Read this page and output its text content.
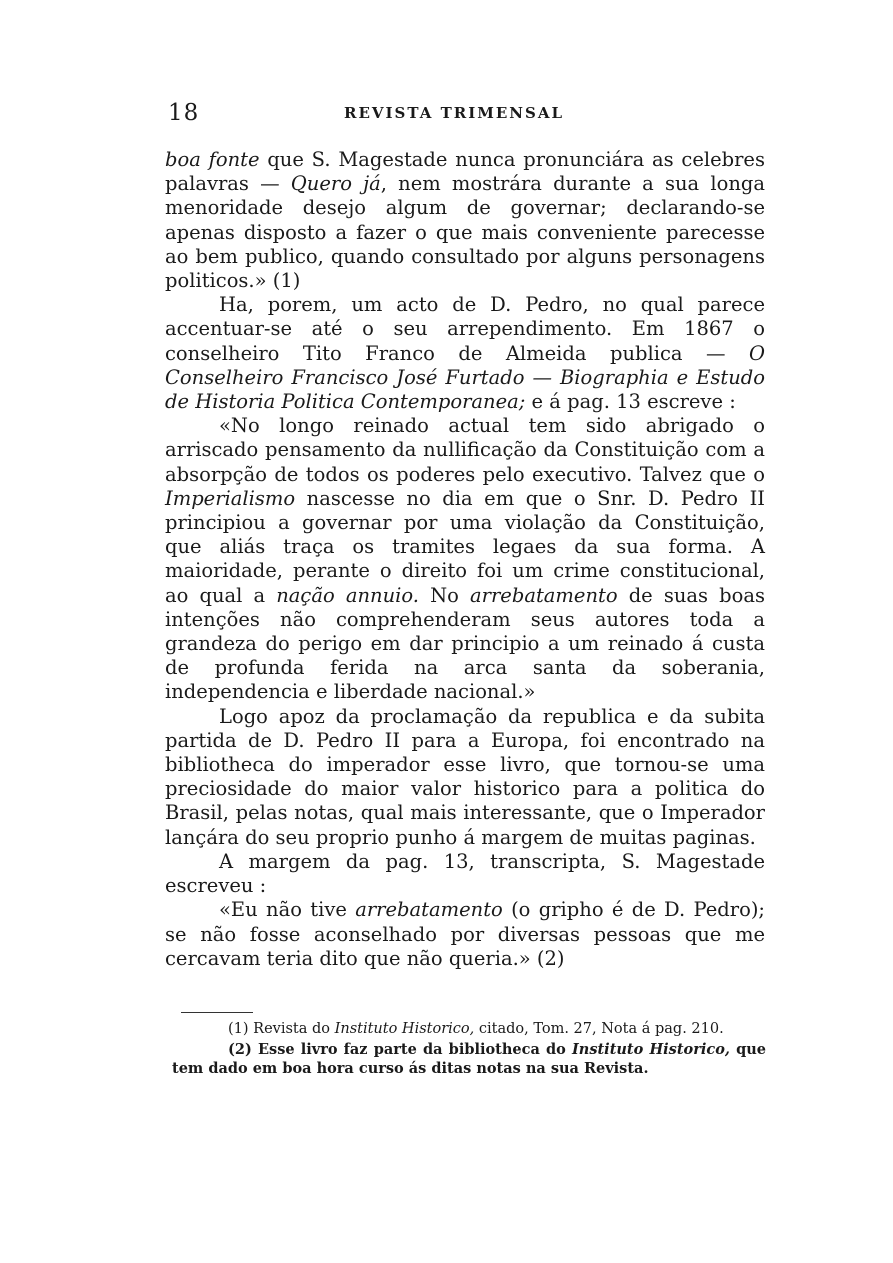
18	REVISTA TRIMENSAL

boa fonte que S. Magestade nunca pronunciára as celebres palavras — Quero já, nem mostrára durante a sua longa menoridade desejo algum de governar; declarando-se apenas disposto a fazer o que mais conveniente parecesse ao bem publico, quando consultado por alguns personagens politicos.» (1)

Ha, porem, um acto de D. Pedro, no qual parece accentuar-se até o seu arrependimento. Em 1867 o conselheiro Tito Franco de Almeida publica — O Conselheiro Francisco José Furtado — Biographia e Estudo de Historia Politica Contemporanea; e á pag. 13 escreve :

«No longo reinado actual tem sido abrigado o arriscado pensamento da nullificação da Constituição com a absorpção de todos os poderes pelo executivo. Talvez que o Imperialismo nascesse no dia em que o Snr. D. Pedro II principiou a governar por uma violação da Constituição, que aliás traça os tramites legaes da sua forma. A maioridade, perante o direito foi um crime constitucional, ao qual a nação annuio. No arrebatamento de suas boas intenções não comprehenderam seus autores toda a grandeza do perigo em dar principio a um reinado á custa de profunda ferida na arca santa da soberania, independencia e liberdade nacional.»

Logo apoz da proclamação da republica e da subita partida de D. Pedro II para a Europa, foi encontrado na bibliotheca do imperador esse livro, que tornou-se uma preciosidade do maior valor historico para a politica do Brasil, pelas notas, qual mais interessante, que o Imperador lançára do seu proprio punho á margem de muitas paginas.

A margem da pag. 13, transcripta, S. Magestade escreveu :

«Eu não tive arrebatamento (o gripho é de D. Pedro); se não fosse aconselhado por diversas pessoas que me cercavam teria dito que não queria.» (2)

(1) Revista do Instituto Historico, citado, Tom. 27, Nota á pag. 210.

(2) Esse livro faz parte da bibliotheca do Instituto Historico, que tem dado em boa hora curso ás ditas notas na sua Revista.
